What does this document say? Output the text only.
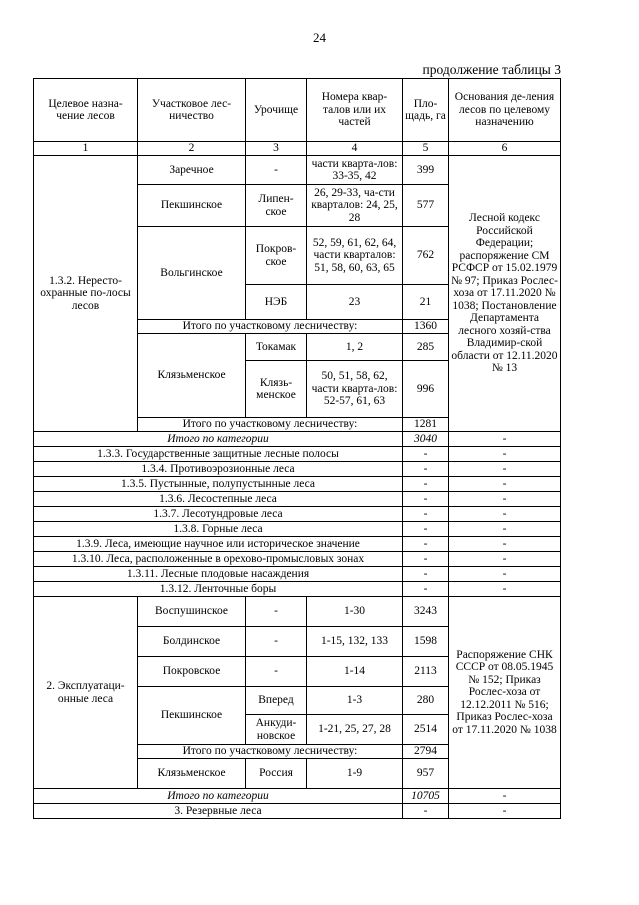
24
продолжение таблицы 3
Целевое назна-чение лесов	Участковое лес-ничество	Урочище	Номера квар-талов или их частей	Пло-щадь, га	Основания де-ления лесов по целевому назначению
1	2	3	4	5	6
1.3.2. Нересто-охранные по-лосы лесов	Заречное	-	части кварта-лов: 33-35, 42	399	Лесной кодекс Российской Федерации; распоряжение СМ РСФСР от 15.02.1979 № 97; Приказ Рослес-хоза от 17.11.2020 № 1038; Постановление Департамента лесного хозяй-ства Владимир-ской области от 12.11.2020 № 13
	Пекшинское	Липен-ское	26, 29-33, ча-сти кварталов: 24, 25, 28	577	
	Вольгинское	Покров-ское	52, 59, 61, 62, 64, части кварталов: 51, 58, 60, 63, 65	762	
		НЭБ	23	21	
	Итого по участковому лесничеству:			1360	
	Клязьменское	Токамак	1, 2	285	
		Клязь-менское	50, 51, 58, 62, части кварта-лов: 52-57, 61, 63	996	
	Итого по участковому лесничеству:			1281	
Итого по категории				3040	-
1.3.3. Государственные защитные лесные полосы				-	-
1.3.4. Противоэрозионные леса				-	-
1.3.5. Пустынные, полупустынные леса				-	-
1.3.6. Лесостепные леса				-	-
1.3.7. Лесотундровые леса				-	-
1.3.8. Горные леса				-	-
1.3.9. Леса, имеющие научное или историческое значение				-	-
1.3.10. Леса, расположенные в орехово-промысловых зонах				-	-
1.3.11. Лесные плодовые насаждения				-	-
1.3.12. Ленточные боры				-	-
2. Эксплуатаци-онные леса	Воспушинское	-	1-30	3243	Распоряжение СНК СССР от 08.05.1945 № 152; Приказ Рослес-хоза от 12.12.2011 № 516; Приказ Рослес-хоза от 17.11.2020 № 1038
	Болдинское	-	1-15, 132, 133	1598	
	Покровское	-	1-14	2113	
	Пекшинское	Вперед	1-3	280	
		Анкуди-новское	1-21, 25, 27, 28	2514	
	Итого по участковому лесничеству:			2794	
	Клязьменское	Россия	1-9	957	
Итого по категории				10705	-
3. Резервные леса				-	-
